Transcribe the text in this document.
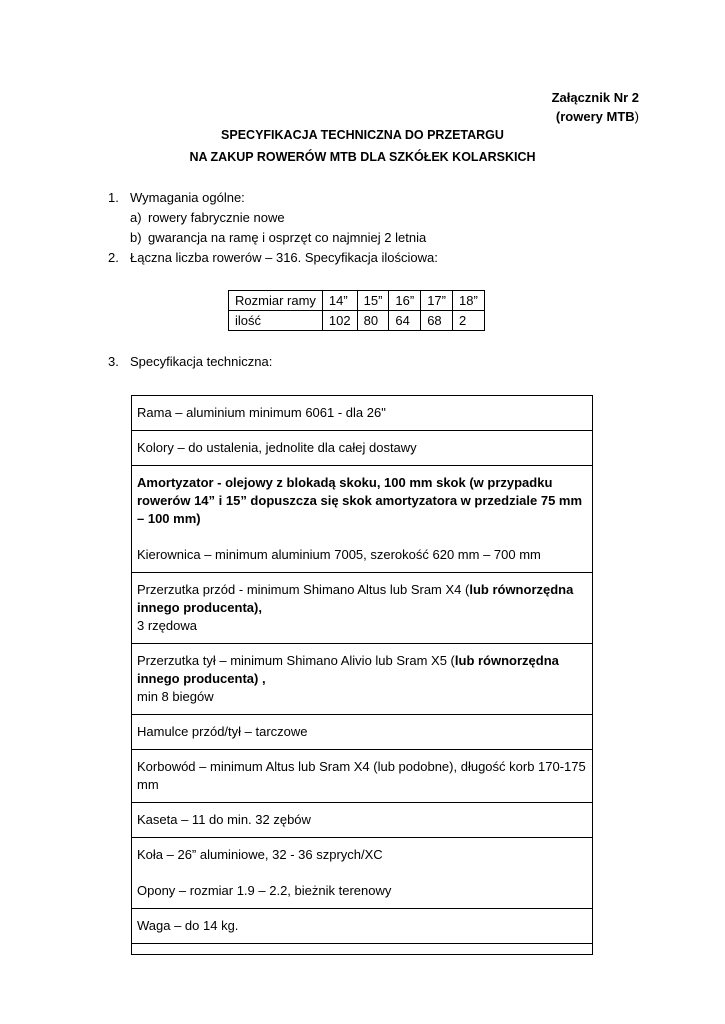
Załącznik Nr 2
(rowery MTB)
SPECYFIKACJA TECHNICZNA DO PRZETARGU
NA ZAKUP ROWERÓW MTB DLA SZKÓŁEK KOLARSKICH
1. Wymagania ogólne:
a) rowery fabrycznie nowe
b) gwarancja na ramę i osprzęt co najmniej 2 letnia
2. Łączna liczba rowerów – 316. Specyfikacja ilościowa:
Rozmiar ramy	14”	15”	16”	17”	18”
ilość	102	80	64	68	2
3. Specyfikacja techniczna:
Rama – aluminium minimum 6061 - dla 26"
Kolory – do ustalenia, jednolite dla całej dostawy

Amortyzator - olejowy z blokadą skoku, 100 mm skok (w przypadku rowerów 14” i 15” dopuszcza się skok amortyzatora w przedziale 75 mm – 100 mm)
Kierownica – minimum aluminium 7005, szerokość 620 mm – 700 mm

Przerzutka przód - minimum Shimano Altus lub Sram X4 (lub równorzędna innego producenta),
3 rzędowa

Przerzutka tył – minimum Shimano Alivio lub Sram X5 (lub równorzędna innego producenta) ,
min 8 biegów

Hamulce przód/tył – tarczowe
Korbowód – minimum Altus lub Sram X4 (lub podobne), długość korb 170-175 mm
Kaseta – 11 do min. 32 zębów

Koła – 26” aluminiowe, 32 - 36 szprych/XC
Opony – rozmiar 1.9 – 2.2, bieżnik terenowy

Waga – do 14 kg.
